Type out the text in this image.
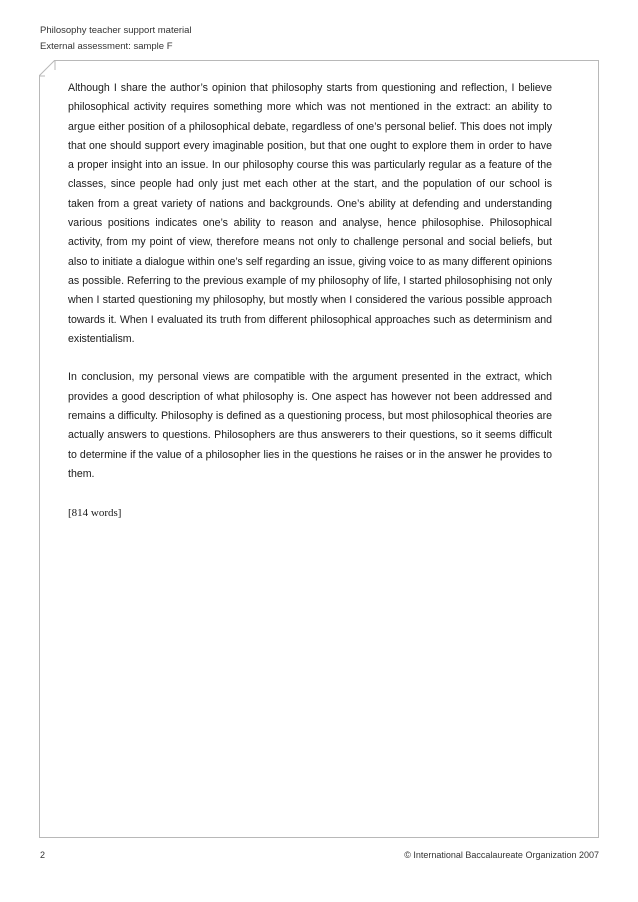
Philosophy teacher support material
External assessment: sample F

Although I share the author’s opinion that philosophy starts from questioning and reflection, I believe philosophical activity requires something more which was not mentioned in the extract: an ability to argue either position of a philosophical debate, regardless of one’s personal belief. This does not imply that one should support every imaginable position, but that one ought to explore them in order to have a proper insight into an issue. In our philosophy course this was particularly regular as a feature of the classes, since people had only just met each other at the start, and the population of our school is taken from a great variety of nations and backgrounds. One’s ability at defending and understanding various positions indicates one’s ability to reason and analyse, hence philosophise. Philosophical activity, from my point of view, therefore means not only to challenge personal and social beliefs, but also to initiate a dialogue within one’s self regarding an issue, giving voice to as many different opinions as possible. Referring to the previous example of my philosophy of life, I started philosophising not only when I started questioning my philosophy, but mostly when I considered the various possible approach towards it. When I evaluated its truth from different philosophical approaches such as determinism and existentialism.

In conclusion, my personal views are compatible with the argument presented in the extract, which provides a good description of what philosophy is. One aspect has however not been addressed and remains a difficulty. Philosophy is defined as a questioning process, but most philosophical theories are actually answers to questions. Philosophers are thus answerers to their questions, so it seems difficult to determine if the value of a philosopher lies in the questions he raises or in the answer he provides to them.

[814 words]

2	© International Baccalaureate Organization 2007
